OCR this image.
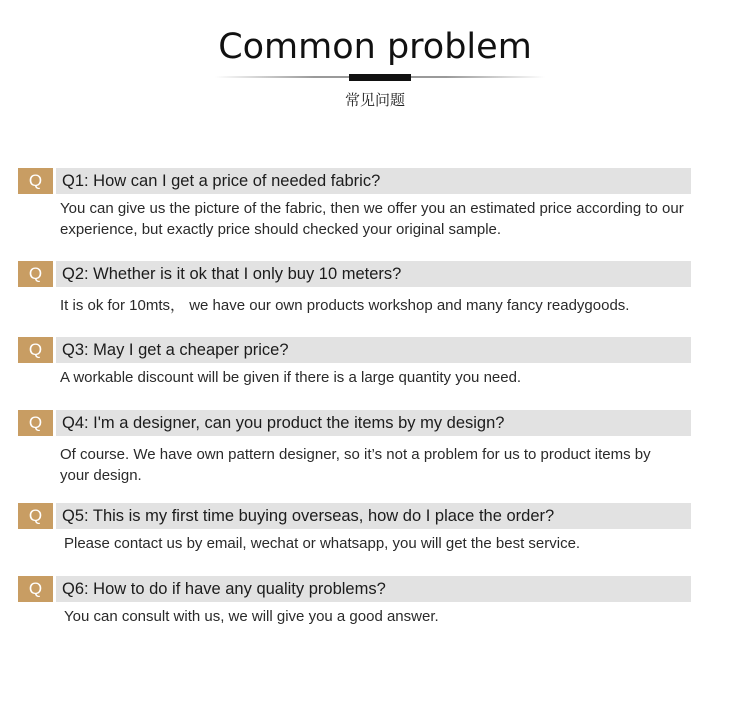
Common problem
常见问题
Q	Q1: How can I get a price of needed fabric?
You can give us the picture of the fabric, then we offer you an estimated price according to our experience, but exactly price should checked your original sample.
Q	Q2: Whether is it ok that I only buy 10 meters?
It is ok for 10mts， we have our own products workshop and many fancy readygoods.
Q	Q3: May I get a cheaper price?
A workable discount will be given if there is a large quantity you need.
Q	Q4: I'm a designer, can you product the items by my design?
Of course. We have own pattern designer, so it’s not a problem for us to product items by your design.
Q	Q5: This is my first time buying overseas, how do I place the order?
Please contact us by email, wechat or whatsapp, you will get the best service.
Q	Q6: How to do if have any quality problems?
You can consult with us, we will give you a good answer.
